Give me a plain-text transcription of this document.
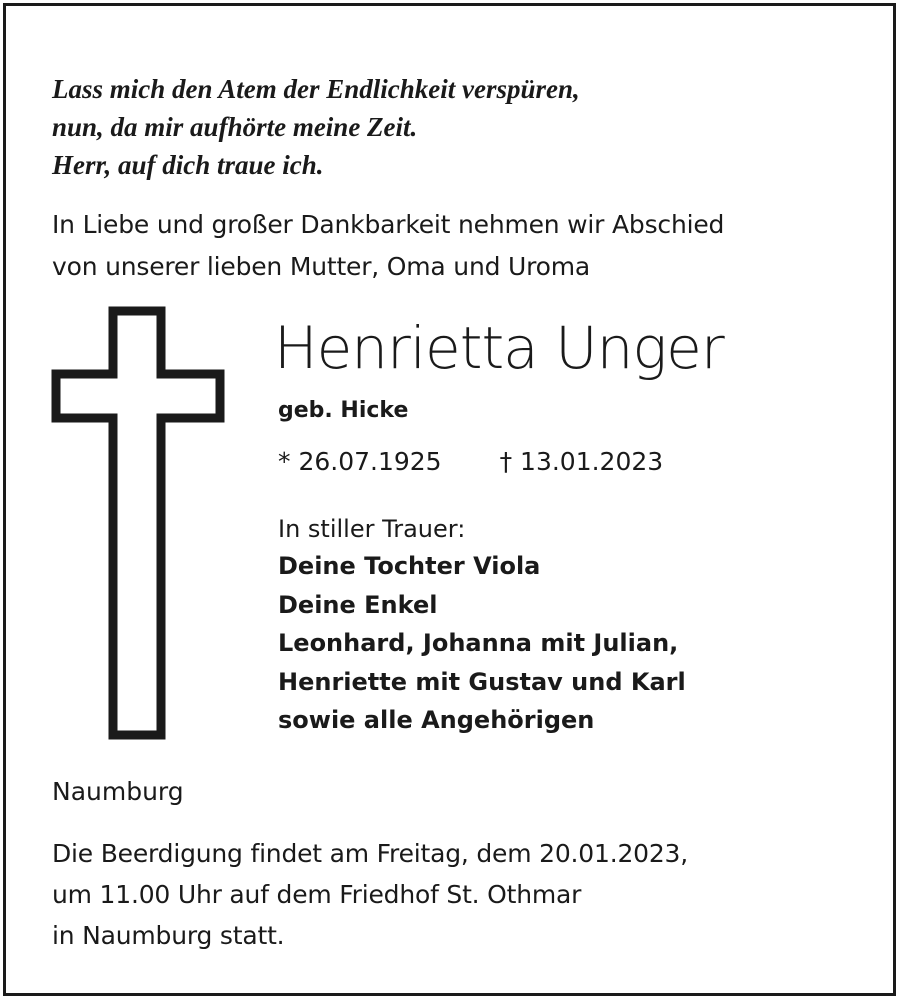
Lass mich den Atem der Endlichkeit verspüren,
nun, da mir aufhörte meine Zeit.
Herr, auf dich traue ich.
In Liebe und großer Dankbarkeit nehmen wir Abschied
von unserer lieben Mutter, Oma und Uroma
Henrietta Unger
geb. Hicke
* 26.07.1925 † 13.01.2023
In stiller Trauer:
Deine Tochter Viola
Deine Enkel
Leonhard, Johanna mit Julian,
Henriette mit Gustav und Karl
sowie alle Angehörigen
Naumburg
Die Beerdigung findet am Freitag, dem 20.01.2023,
um 11.00 Uhr auf dem Friedhof St. Othmar
in Naumburg statt.
